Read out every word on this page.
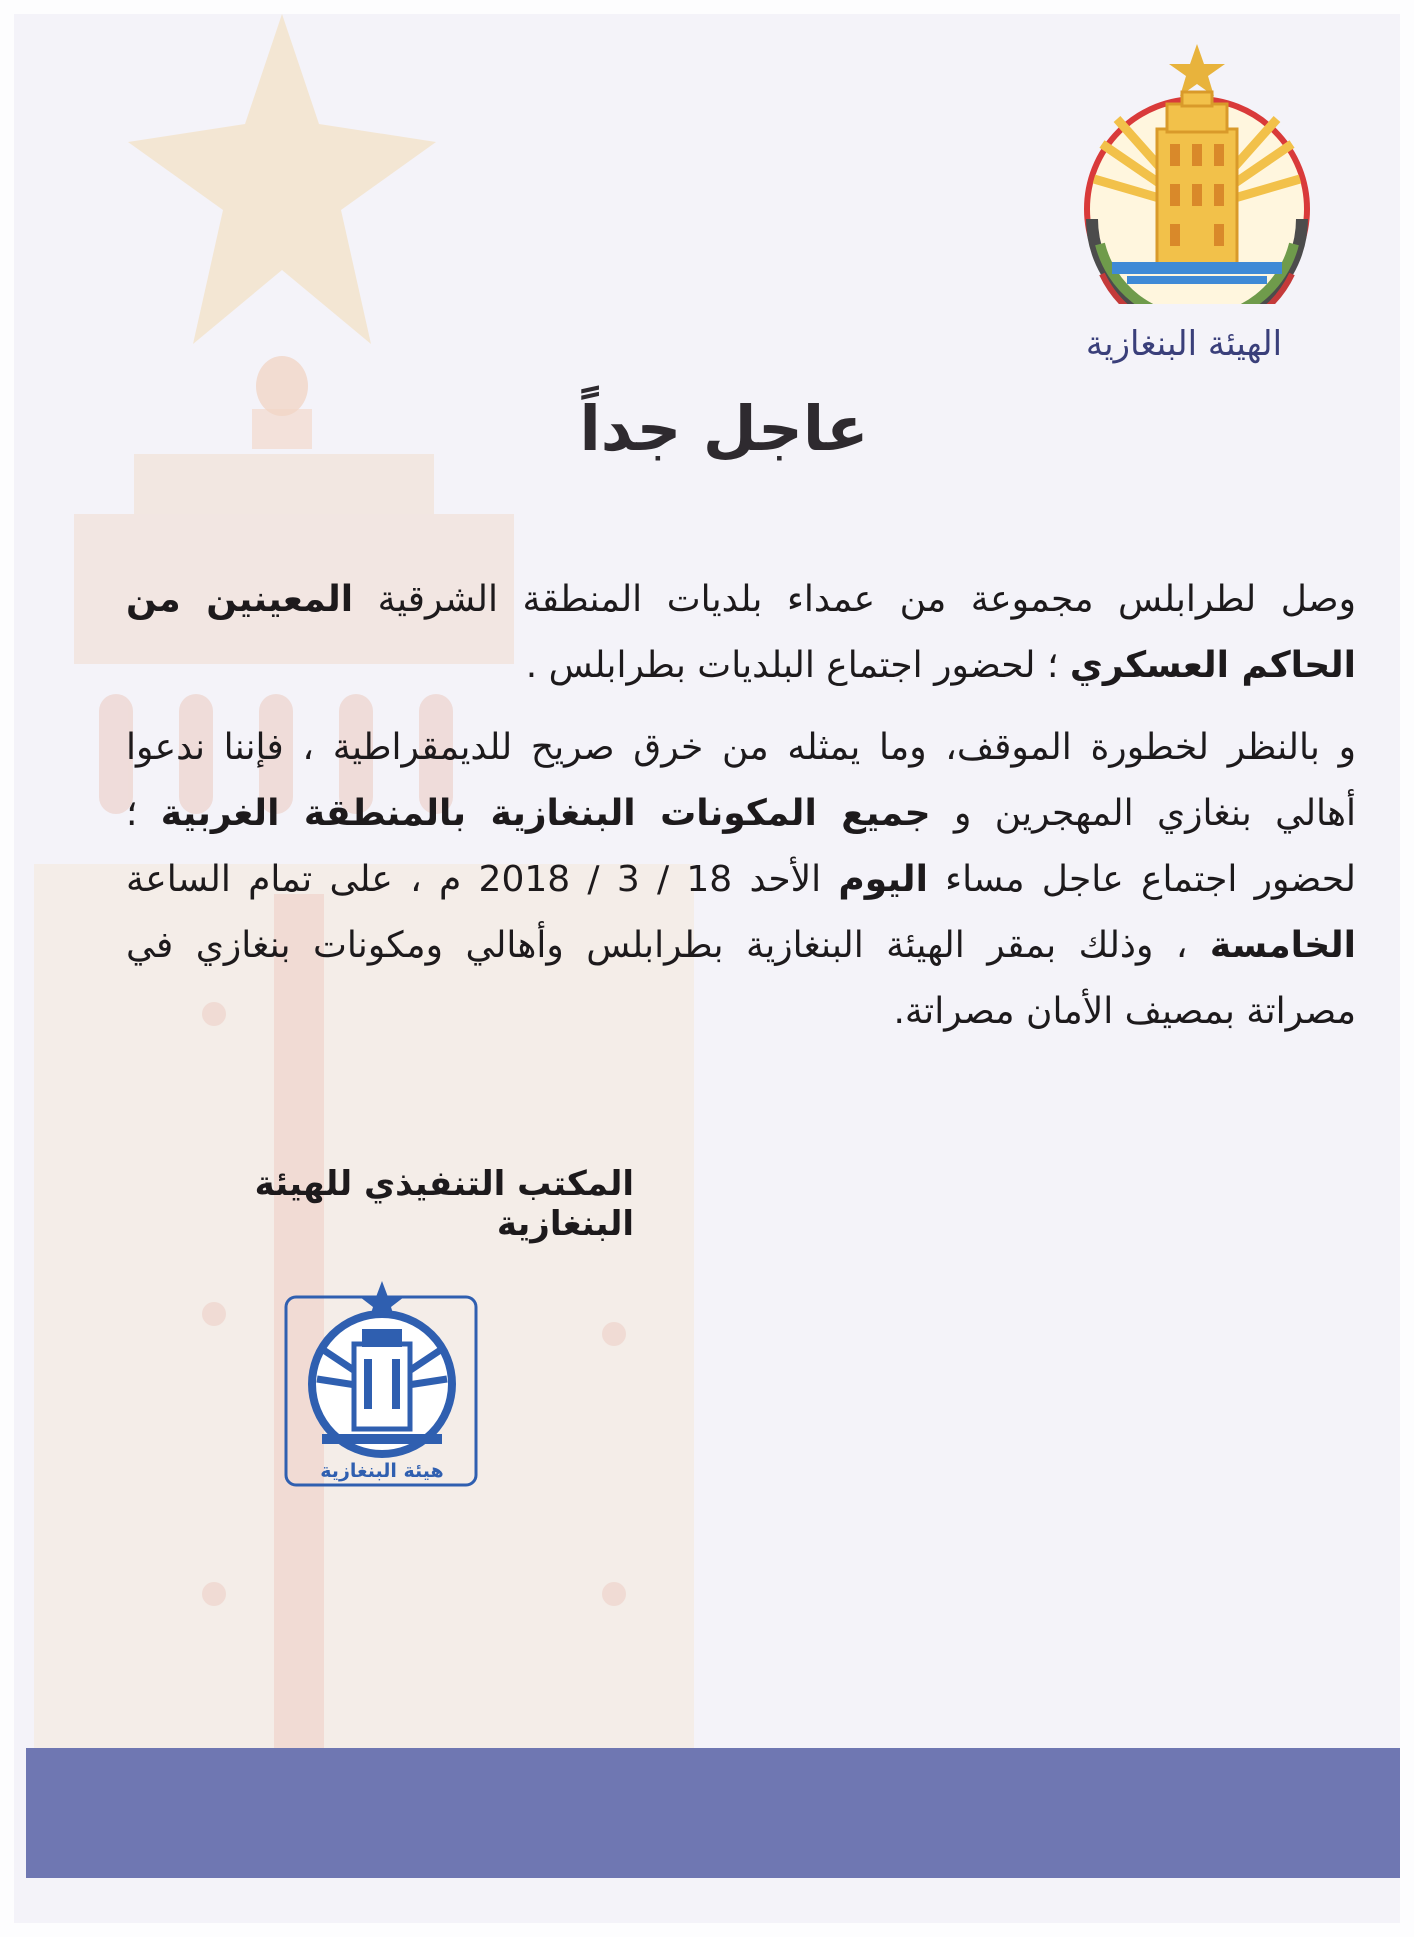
الهيئة البنغازية
عاجل جداً

وصل لطرابلس مجموعة من عمداء بلديات المنطقة الشرقية المعينين من الحاكم العسكري ؛ لحضور اجتماع البلديات بطرابلس .

و بالنظر لخطورة الموقف، وما يمثله من خرق صريح للديمقراطية ، فإننا ندعوا أهالي بنغازي المهجرين و جميع المكونات البنغازية بالمنطقة الغربية ؛ لحضور اجتماع عاجل مساء اليوم الأحد 18 / 3 / 2018 م ، على تمام الساعة الخامسة ، وذلك بمقر الهيئة البنغازية بطرابلس وأهالي ومكونات بنغازي في مصراتة بمصيف الأمان مصراتة.

المكتب التنفيذي للهيئة البنغازية
هيئة البنغازية
